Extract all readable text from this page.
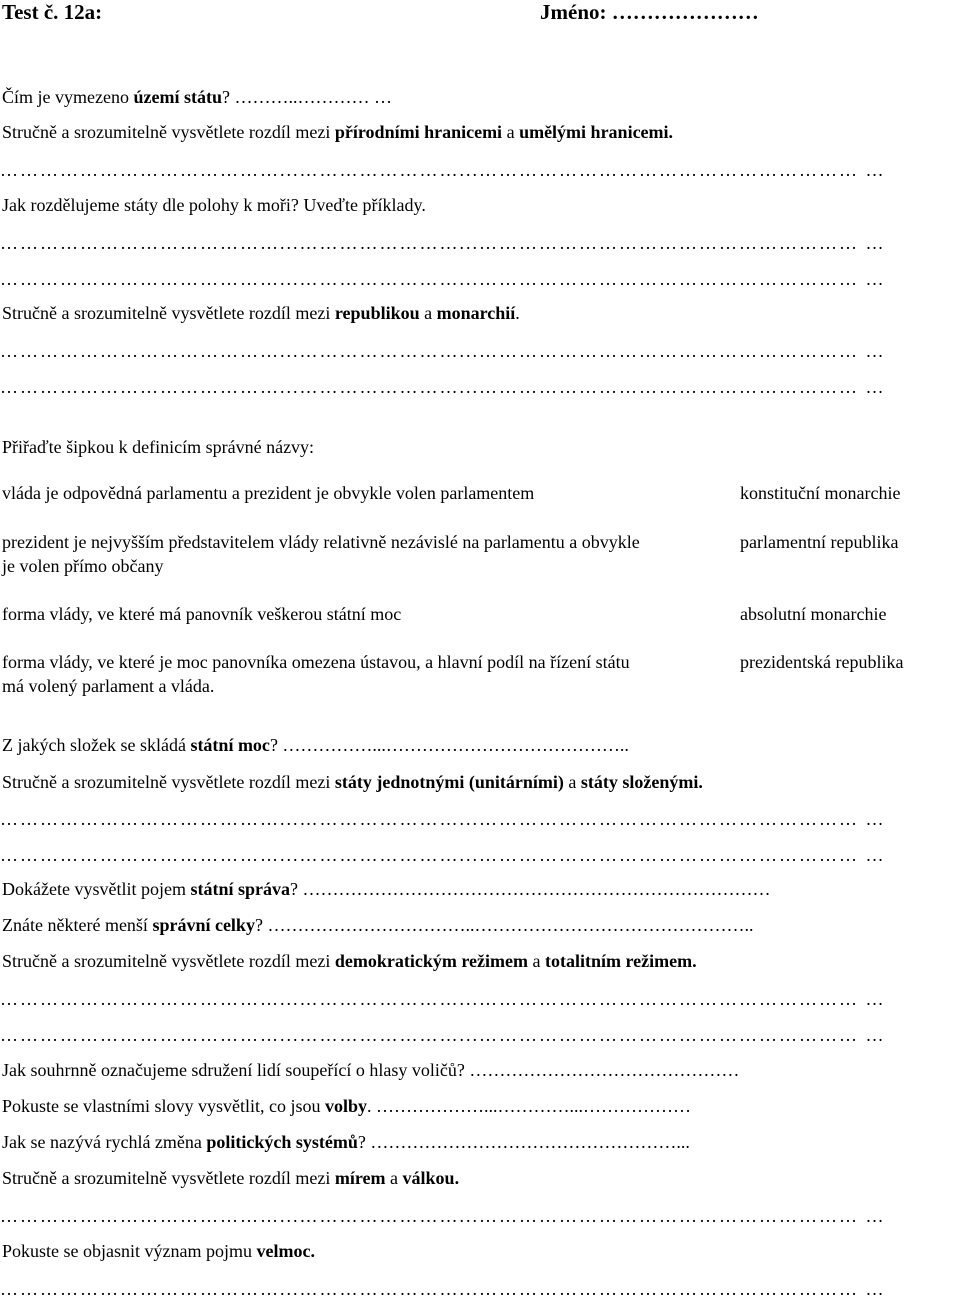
Test č. 12a:	Jméno: …………………
Čím je vymezeno území státu? ………..………… …
Stručně a srozumitelně vysvětlete rozdíl mezi přírodními hranicemi a umělými hranicemi.
……………………………………...……………………...………………………………………………… …
Jak rozdělujeme státy dle polohy k moři? Uveďte příklady.
……………………………………...……………………...………………………………………………… …
……………………………………...……………………...………………………………………………… …
Stručně a srozumitelně vysvětlete rozdíl mezi republikou a monarchií.
……………………………………...……………………...………………………………………………… …
……………………………………...……………………...………………………………………………… …
Přiřaďte šipkou k definicím správné názvy:
vláda je odpovědná parlamentu a prezident je obvykle volen parlamentem
prezident je nejvyšším představitelem vlády relativně nezávislé na parlamentu a obvykle je volen přímo občany
forma vlády, ve které má panovník veškerou státní moc
forma vlády, ve které je moc panovníka omezena ústavou, a hlavní podíl na řízení státu má volený parlament a vláda.
konstituční monarchie
parlamentní republika
absolutní monarchie
prezidentská republika
Z jakých složek se skládá státní moc? ……………...…………………………………..
Stručně a srozumitelně vysvětlete rozdíl mezi státy jednotnými (unitárními) a státy složenými.
……………………………………...……………………...………………………………………………… …
……………………………………...……………………...………………………………………………… …
Dokážete vysvětlit pojem státní správa? ……………………………………………………………………
Znáte některé menší správní celky? ……………………………..………………………………………..
Stručně a srozumitelně vysvětlete rozdíl mezi demokratickým režimem a totalitním režimem.
……………………………………...……………………...………………………………………………… …
……………………………………...……………………...………………………………………………… …
Jak souhrnně označujeme sdružení lidí soupeřící o hlasy voličů? ………………………………………
Pokuste se vlastními slovy vysvětlit, co jsou volby. ………………...…………...………………
Jak se nazývá rychlá změna politických systémů? ……………………………………………...
Stručně a srozumitelně vysvětlete rozdíl mezi mírem a válkou.
……………………………………...……………………...………………………………………………… …
Pokuste se objasnit význam pojmu velmoc.
……………………………………...……………………...………………………………………………… …
